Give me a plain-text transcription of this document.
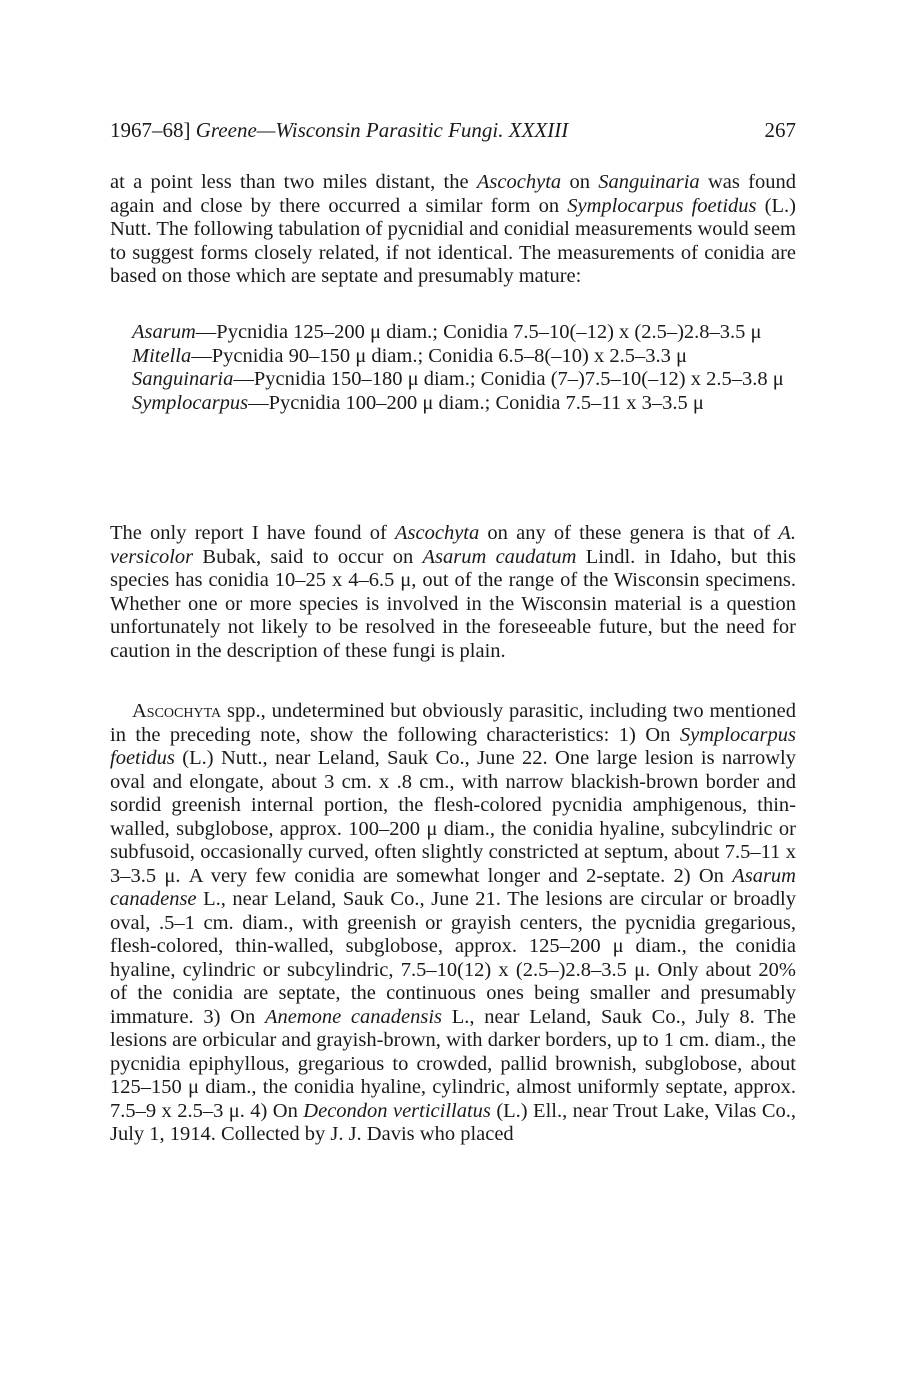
1967–68] Greene—Wisconsin Parasitic Fungi. XXXIII	267
at a point less than two miles distant, the Ascochyta on Sanguinaria was found again and close by there occurred a similar form on Symplocarpus foetidus (L.) Nutt. The following tabulation of pycnidial and conidial measurements would seem to suggest forms closely related, if not identical. The measurements of conidia are based on those which are septate and presumably mature:
Asarum—Pycnidia 125–200 μ diam.; Conidia 7.5–10(–12) x (2.5–)2.8–3.5 μ
Mitella—Pycnidia 90–150 μ diam.; Conidia 6.5–8(–10) x 2.5–3.3 μ
Sanguinaria—Pycnidia 150–180 μ diam.; Conidia (7–)7.5–10(–12) x 2.5–3.8 μ
Symplocarpus—Pycnidia 100–200 μ diam.; Conidia 7.5–11 x 3–3.5 μ
The only report I have found of Ascochyta on any of these genera is that of A. versicolor Bubak, said to occur on Asarum caudatum Lindl. in Idaho, but this species has conidia 10–25 x 4–6.5 μ, out of the range of the Wisconsin specimens. Whether one or more species is involved in the Wisconsin material is a question unfortunately not likely to be resolved in the foreseeable future, but the need for caution in the description of these fungi is plain.
Ascochyta spp., undetermined but obviously parasitic, including two mentioned in the preceding note, show the following characteristics: 1) On Symplocarpus foetidus (L.) Nutt., near Leland, Sauk Co., June 22. One large lesion is narrowly oval and elongate, about 3 cm. x .8 cm., with narrow blackish-brown border and sordid greenish internal portion, the flesh-colored pycnidia amphigenous, thin-walled, subglobose, approx. 100–200 μ diam., the conidia hyaline, subcylindric or subfusoid, occasionally curved, often slightly constricted at septum, about 7.5–11 x 3–3.5 μ. A very few conidia are somewhat longer and 2-septate. 2) On Asarum canadense L., near Leland, Sauk Co., June 21. The lesions are circular or broadly oval, .5–1 cm. diam., with greenish or grayish centers, the pycnidia gregarious, flesh-colored, thin-walled, subglobose, approx. 125–200 μ diam., the conidia hyaline, cylindric or subcylindric, 7.5–10(12) x (2.5–)2.8–3.5 μ. Only about 20% of the conidia are septate, the continuous ones being smaller and presumably immature. 3) On Anemone canadensis L., near Leland, Sauk Co., July 8. The lesions are orbicular and grayish-brown, with darker borders, up to 1 cm. diam., the pycnidia epiphyllous, gregarious to crowded, pallid brownish, subglobose, about 125–150 μ diam., the conidia hyaline, cylindric, almost uniformly septate, approx. 7.5–9 x 2.5–3 μ. 4) On Decondon verticillatus (L.) Ell., near Trout Lake, Vilas Co., July 1, 1914. Collected by J. J. Davis who placed
